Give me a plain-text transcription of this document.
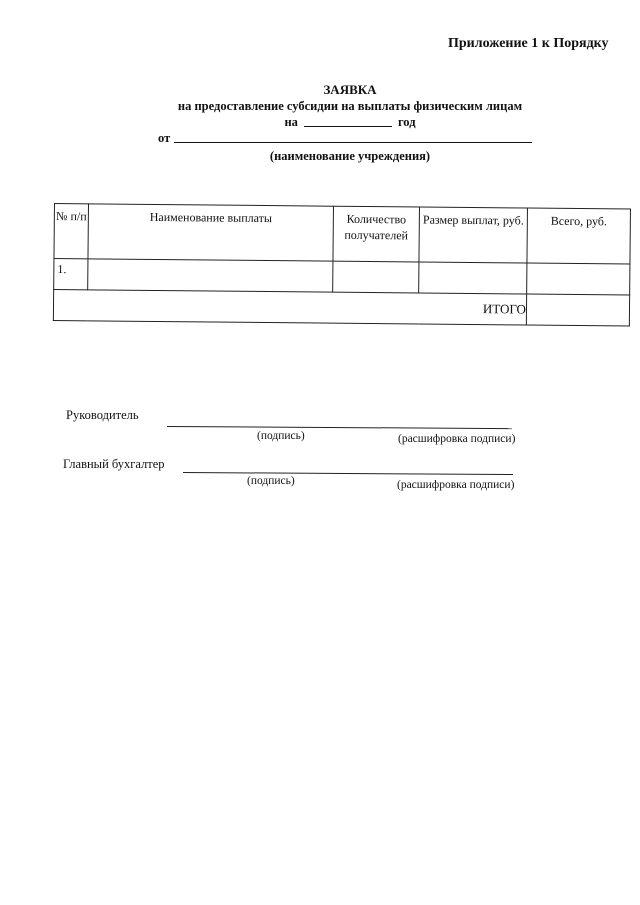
Приложение 1 к Порядку
ЗАЯВКА
на предоставление субсидии на выплаты физическим лицам
на	год
от
(наименование учреждения)
№ п/п	Наименование выплаты	Количество получателей	Размер выплат, руб.	Всего, руб.
1.				
ИТОГО				
Руководитель
(подпись)	(расшифровка подписи)
Главный бухгалтер
(подпись)	(расшифровка подписи)
